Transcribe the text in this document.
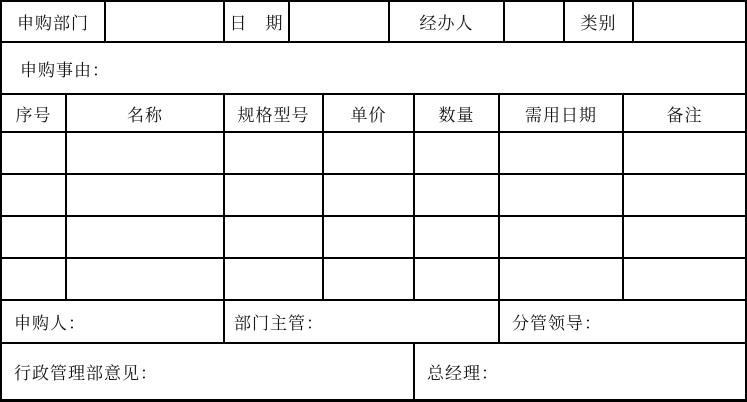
申购部门	日　期	经办人	类别
申购事由：
序号	名称	规格型号	单价	数量	需用日期	备注
申购人：	部门主管：	分管领导：
行政管理部意见：	总经理：
